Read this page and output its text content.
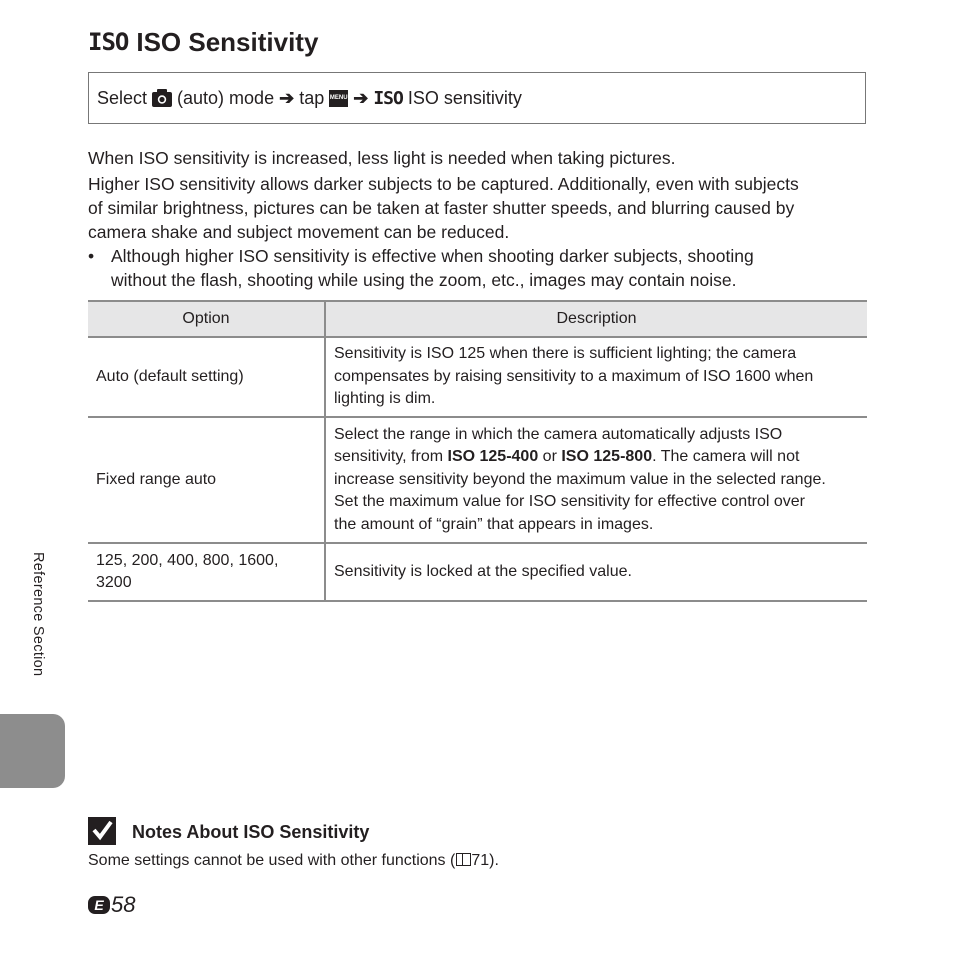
ISO ISO Sensitivity
Select (auto) mode ➔ tap MENU ➔ ISO ISO sensitivity

When ISO sensitivity is increased, less light is needed when taking pictures.

Higher ISO sensitivity allows darker subjects to be captured. Additionally, even with subjects
of similar brightness, pictures can be taken at faster shutter speeds, and blurring caused by
camera shake and subject movement can be reduced.
• Although higher ISO sensitivity is effective when shooting darker subjects, shooting
without the flash, shooting while using the zoom, etc., images may contain noise.
Option	Description
Auto (default setting)	Sensitivity is ISO 125 when there is sufficient lighting; the camera
compensates by raising sensitivity to a maximum of ISO 1600 when
lighting is dim.

Fixed range auto	Select the range in which the camera automatically adjusts ISO
sensitivity, from ISO 125-400 or ISO 125-800. The camera will not
increase sensitivity beyond the maximum value in the selected range.
Set the maximum value for ISO sensitivity for effective control over
the amount of “grain” that appears in images.

125, 200, 400, 800, 1600,
3200	Sensitivity is locked at the specified value.
Reference Section
Notes About ISO Sensitivity
Some settings cannot be used with other functions ( 71).
E 58
